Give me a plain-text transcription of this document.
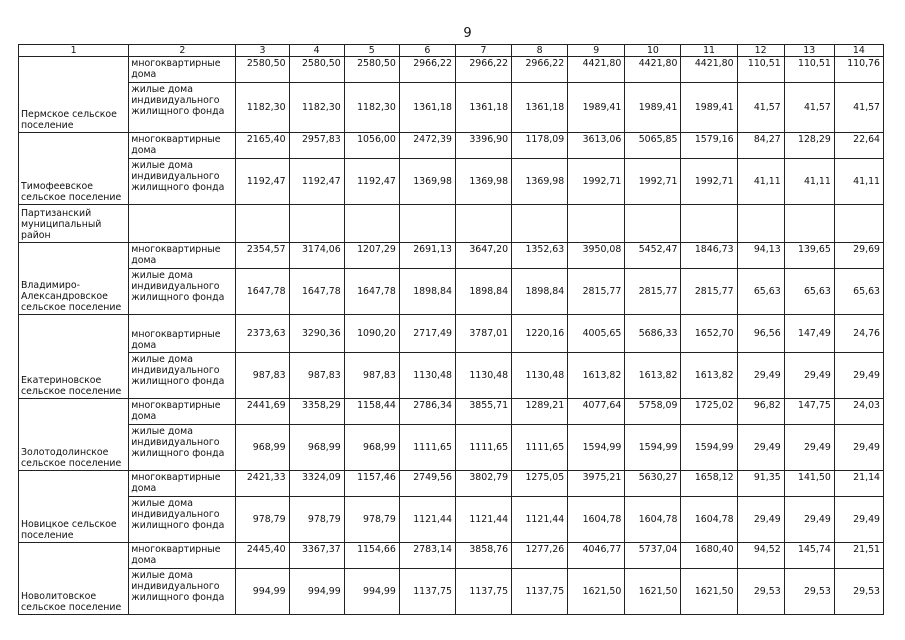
9
1	2	3	4	5	6	7	8	9	10	11	12	13	14
Пермское сельское поселение	многоквартирные дома	2580,50	2580,50	2580,50	2966,22	2966,22	2966,22	4421,80	4421,80	4421,80	110,51	110,51	110,76
	жилые дома индивидуального жилищного фонда	1182,30	1182,30	1182,30	1361,18	1361,18	1361,18	1989,41	1989,41	1989,41	41,57	41,57	41,57
Тимофеевское сельское поселение	многоквартирные дома	2165,40	2957,83	1056,00	2472,39	3396,90	1178,09	3613,06	5065,85	1579,16	84,27	128,29	22,64
	жилые дома индивидуального жилищного фонда	1192,47	1192,47	1192,47	1369,98	1369,98	1369,98	1992,71	1992,71	1992,71	41,11	41,11	41,11
Партизанский муниципальный район													
Владимиро-Александровское сельское поселение	многоквартирные дома	2354,57	3174,06	1207,29	2691,13	3647,20	1352,63	3950,08	5452,47	1846,73	94,13	139,65	29,69
	жилые дома индивидуального жилищного фонда	1647,78	1647,78	1647,78	1898,84	1898,84	1898,84	2815,77	2815,77	2815,77	65,63	65,63	65,63
Екатериновское сельское поселение	многоквартирные дома	2373,63	3290,36	1090,20	2717,49	3787,01	1220,16	4005,65	5686,33	1652,70	96,56	147,49	24,76
	жилые дома индивидуального жилищного фонда	987,83	987,83	987,83	1130,48	1130,48	1130,48	1613,82	1613,82	1613,82	29,49	29,49	29,49
Золотодолинское сельское поселение	многоквартирные дома	2441,69	3358,29	1158,44	2786,34	3855,71	1289,21	4077,64	5758,09	1725,02	96,82	147,75	24,03
	жилые дома индивидуального жилищного фонда	968,99	968,99	968,99	1111,65	1111,65	1111,65	1594,99	1594,99	1594,99	29,49	29,49	29,49
Новицкое сельское поселение	многоквартирные дома	2421,33	3324,09	1157,46	2749,56	3802,79	1275,05	3975,21	5630,27	1658,12	91,35	141,50	21,14
	жилые дома индивидуального жилищного фонда	978,79	978,79	978,79	1121,44	1121,44	1121,44	1604,78	1604,78	1604,78	29,49	29,49	29,49
Новолитовское сельское поселение	многоквартирные дома	2445,40	3367,37	1154,66	2783,14	3858,76	1277,26	4046,77	5737,04	1680,40	94,52	145,74	21,51
	жилые дома индивидуального жилищного фонда	994,99	994,99	994,99	1137,75	1137,75	1137,75	1621,50	1621,50	1621,50	29,53	29,53	29,53
